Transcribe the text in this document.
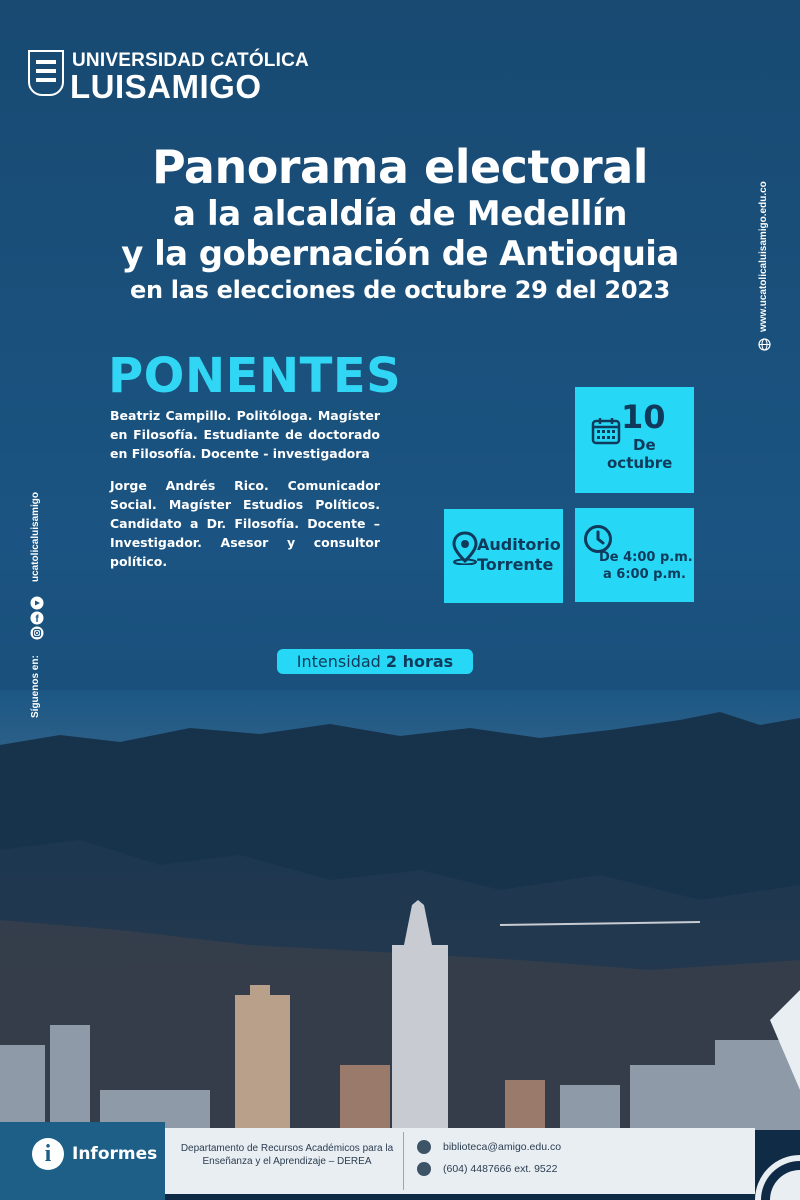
UNIVERSIDAD CATÓLICA
LUISAMIGO
Panorama electoral
a la alcaldía de Medellín
y la gobernación de Antioquia
en las elecciones de octubre 29 del 2023
PONENTES
Beatriz Campillo. Politóloga. Magíster en Filosofía. Estudiante de doctorado en Filosofía. Docente - investigadora
Jorge Andrés Rico. Comunicador Social. Magíster Estudios Políticos. Candidato a Dr. Filosofía. Docente – Investigador. Asesor y consultor político.
10
De
octubre
Auditorio Torrente	De 4:00 p.m.
a 6:00 p.m.
Intensidad 2 horas
www.ucatolicaluisamigo.edu.co
ucatolicaluisamigo
f
Síguenos en:
i	Informes	Departamento de Recursos Académicos para la Enseñanza y el Aprendizaje – DEREA
biblioteca@amigo.edu.co
(604) 4487666 ext. 9522
